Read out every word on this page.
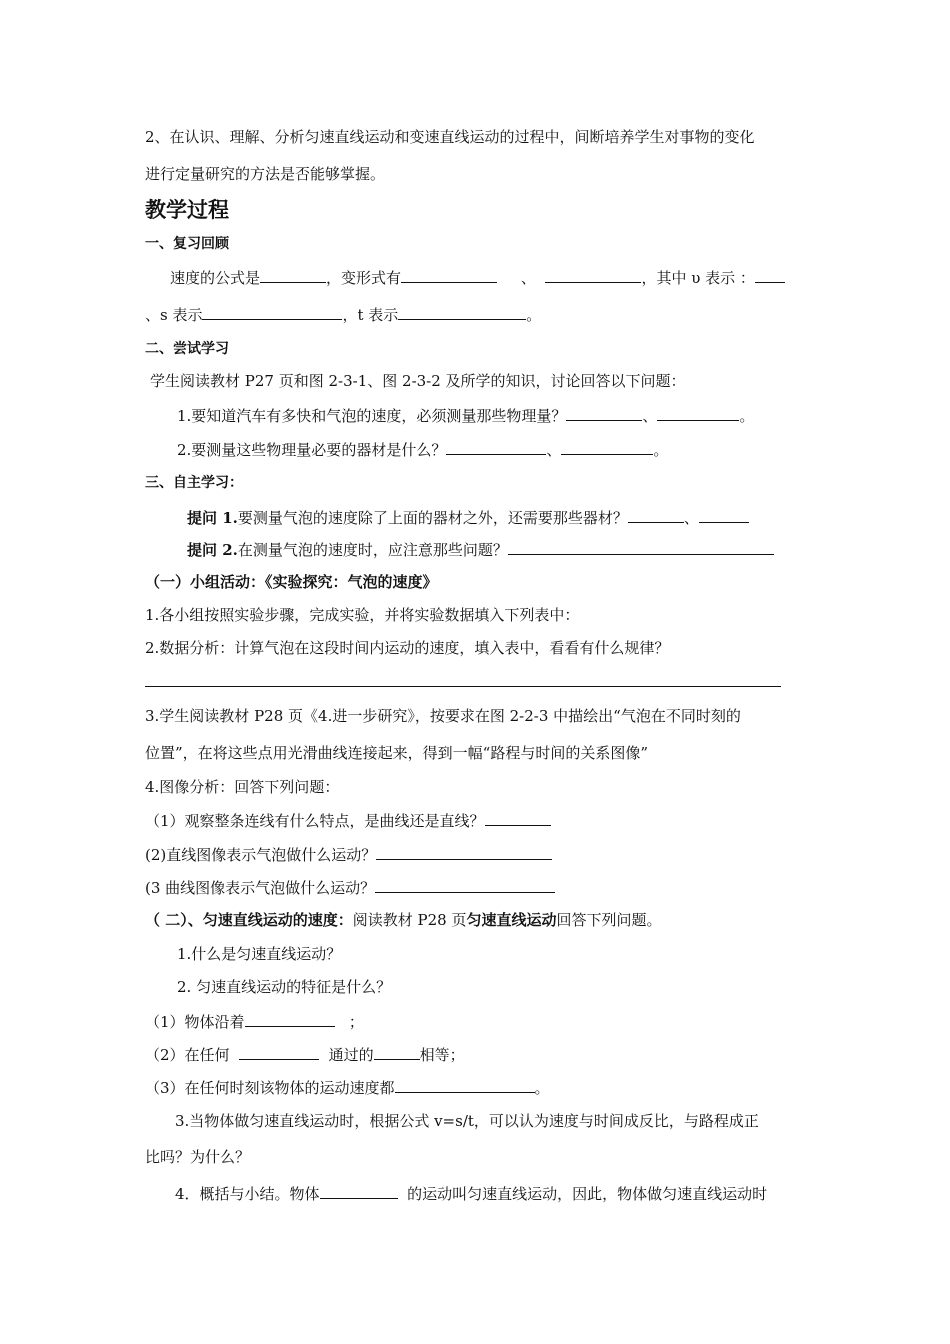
2、在认识、理解、分析匀速直线运动和变速直线运动的过程中，间断培养学生对事物的变化
进行定量研究的方法是否能够掌握。
教学过程
一、复习回顾
速度的公式是	，变形式有	、	，其中 υ 表示 ：
、s 表示	，t 表示	。
二、尝试学习
学生阅读教材 P27 页和图 2-3-1、图 2-3-2 及所学的知识，讨论回答以下问题：
1.要知道汽车有多快和气泡的速度，必须测量那些物理量？	、	。
2.要测量这些物理量必要的器材是什么？	、	。
三、自主学习：
提问 1.要测量气泡的速度除了上面的器材之外，还需要那些器材？	、
提问 2.在测量气泡的速度时，应注意那些问题？
（一）小组活动：《实验探究：气泡的速度》
1.各小组按照实验步骤，完成实验，并将实验数据填入下列表中：
2.数据分析：计算气泡在这段时间内运动的速度，填入表中，看看有什么规律？
3.学生阅读教材 P28 页《4.进一步研究》，按要求在图 2-2-3 中描绘出“气泡在不同时刻的
位置”，在将这些点用光滑曲线连接起来，得到一幅“路程与时间的关系图像”
4.图像分析：回答下列问题：
（1）观察整条连线有什么特点，是曲线还是直线？
(2)直线图像表示气泡做什么运动？
(3 曲线图像表示气泡做什么运动？
（ 二）、匀速直线运动的速度：阅读教材 P28 页匀速直线运动回答下列问题。
1.什么是匀速直线运动？
2. 匀速直线运动的特征是什么？
（1）物体沿着	；
（2）在任何	通过的	相等；
（3）在任何时刻该物体的运动速度都	。
3.当物体做匀速直线运动时，根据公式 v=s/t，可以认为速度与时间成反比，与路程成正
比吗？为什么？
4．概括与小结。物体	的运动叫匀速直线运动，因此，物体做匀速直线运动时
